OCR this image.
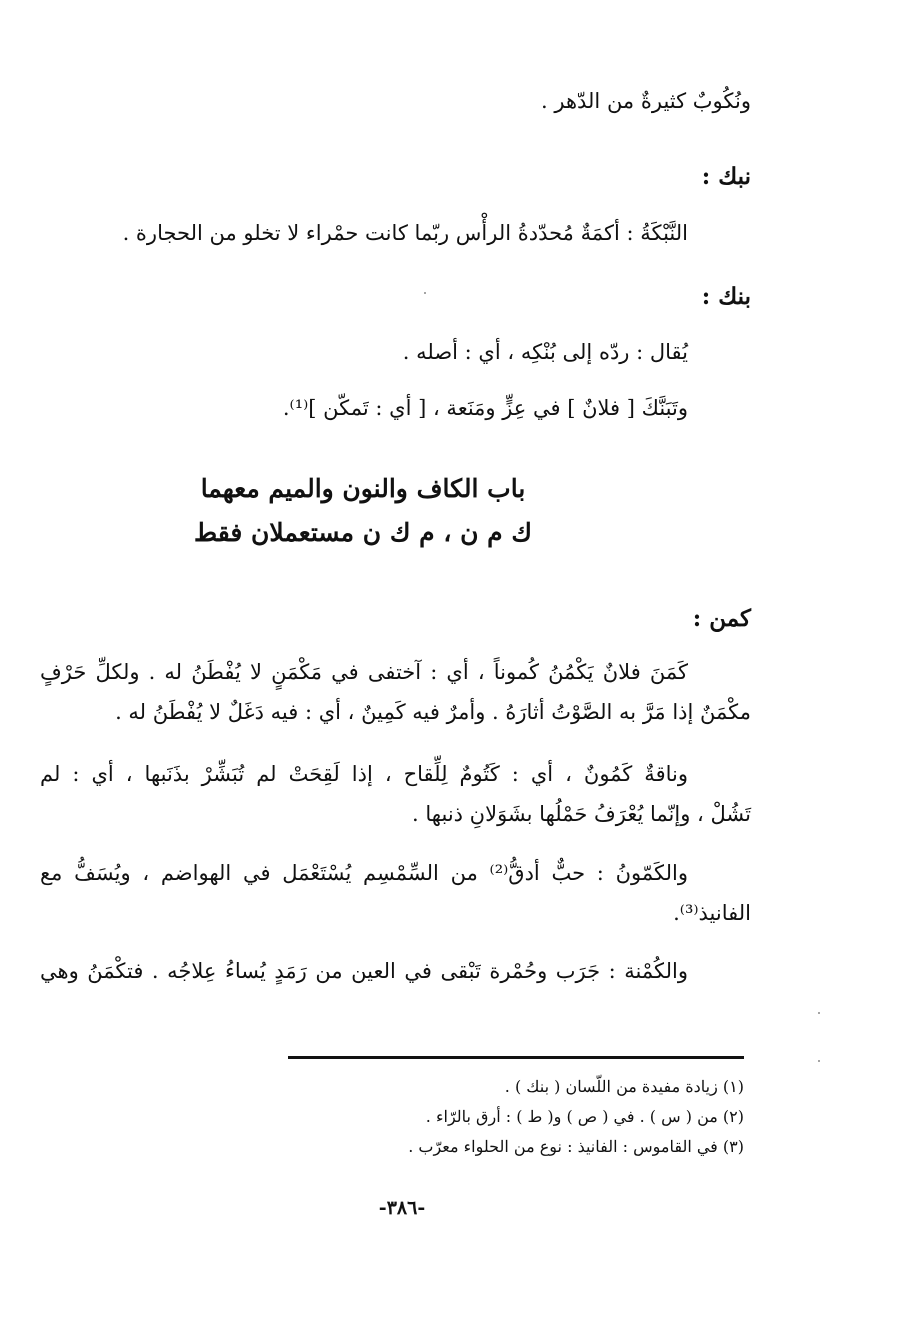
ونُكُوبٌ كثيرةٌ من الدّهر .
نبك :
النَّبْكَةُ : أكمَةٌ مُحدّدةُ الرأْس ربّما كانت حمْراء لا تخلو من الحجارة .
بنك :
يُقال : ردّه إلى بُنْكِه ، أي : أصله .
وتَبَنَّكَ [ فلانٌ ] في عِزٍّ ومَنَعة ، [ أي : تَمكّن ]⁽¹⁾.
باب الكاف والنون والميم معهما
ك م ن ، م ك ن مستعملان فقط
كمن :
كَمَنَ فلانٌ يَكْمُنُ كُموناً ، أي : آختفى في مَكْمَنٍ لا يُفْطَنُ له . ولكلِّ حَرْفٍ
مكْمَنٌ إذا مَرَّ به الصَّوْتُ أثارَهُ . وأمرٌ فيه كَمِينٌ ، أي : فيه دَغَلٌ لا يُفْطَنُ له .
وناقةٌ كَمُونٌ ، أي : كَتُومٌ لِلِّقاح ، إذا لَقِحَتْ لم تُبَشِّرْ بذَنَبها ، أي : لم
تَشُلْ ، وإنّما يُعْرَفُ حَمْلُها بشَوَلانِ ذنبها .
والكَمّونُ : حبٌّ أدقُّ⁽²⁾ من السِّمْسِم يُسْتَعْمَل في الهواضم ، ويُسَفُّ مع
الفانيذ⁽³⁾.
والكُمْنة : جَرَب وحُمْرة تَبْقى في العين من رَمَدٍ يُساءُ عِلاجُه . فتكْمَنُ وهي
(١) زيادة مفيدة من اللّسان ( بنك ) .
(٢) من ( س ) . في ( ص ) و( ط ) : أرق بالرّاء .
(٣) في القاموس : الفانيذ : نوع من الحلواء معرّب .
-٣٨٦-
